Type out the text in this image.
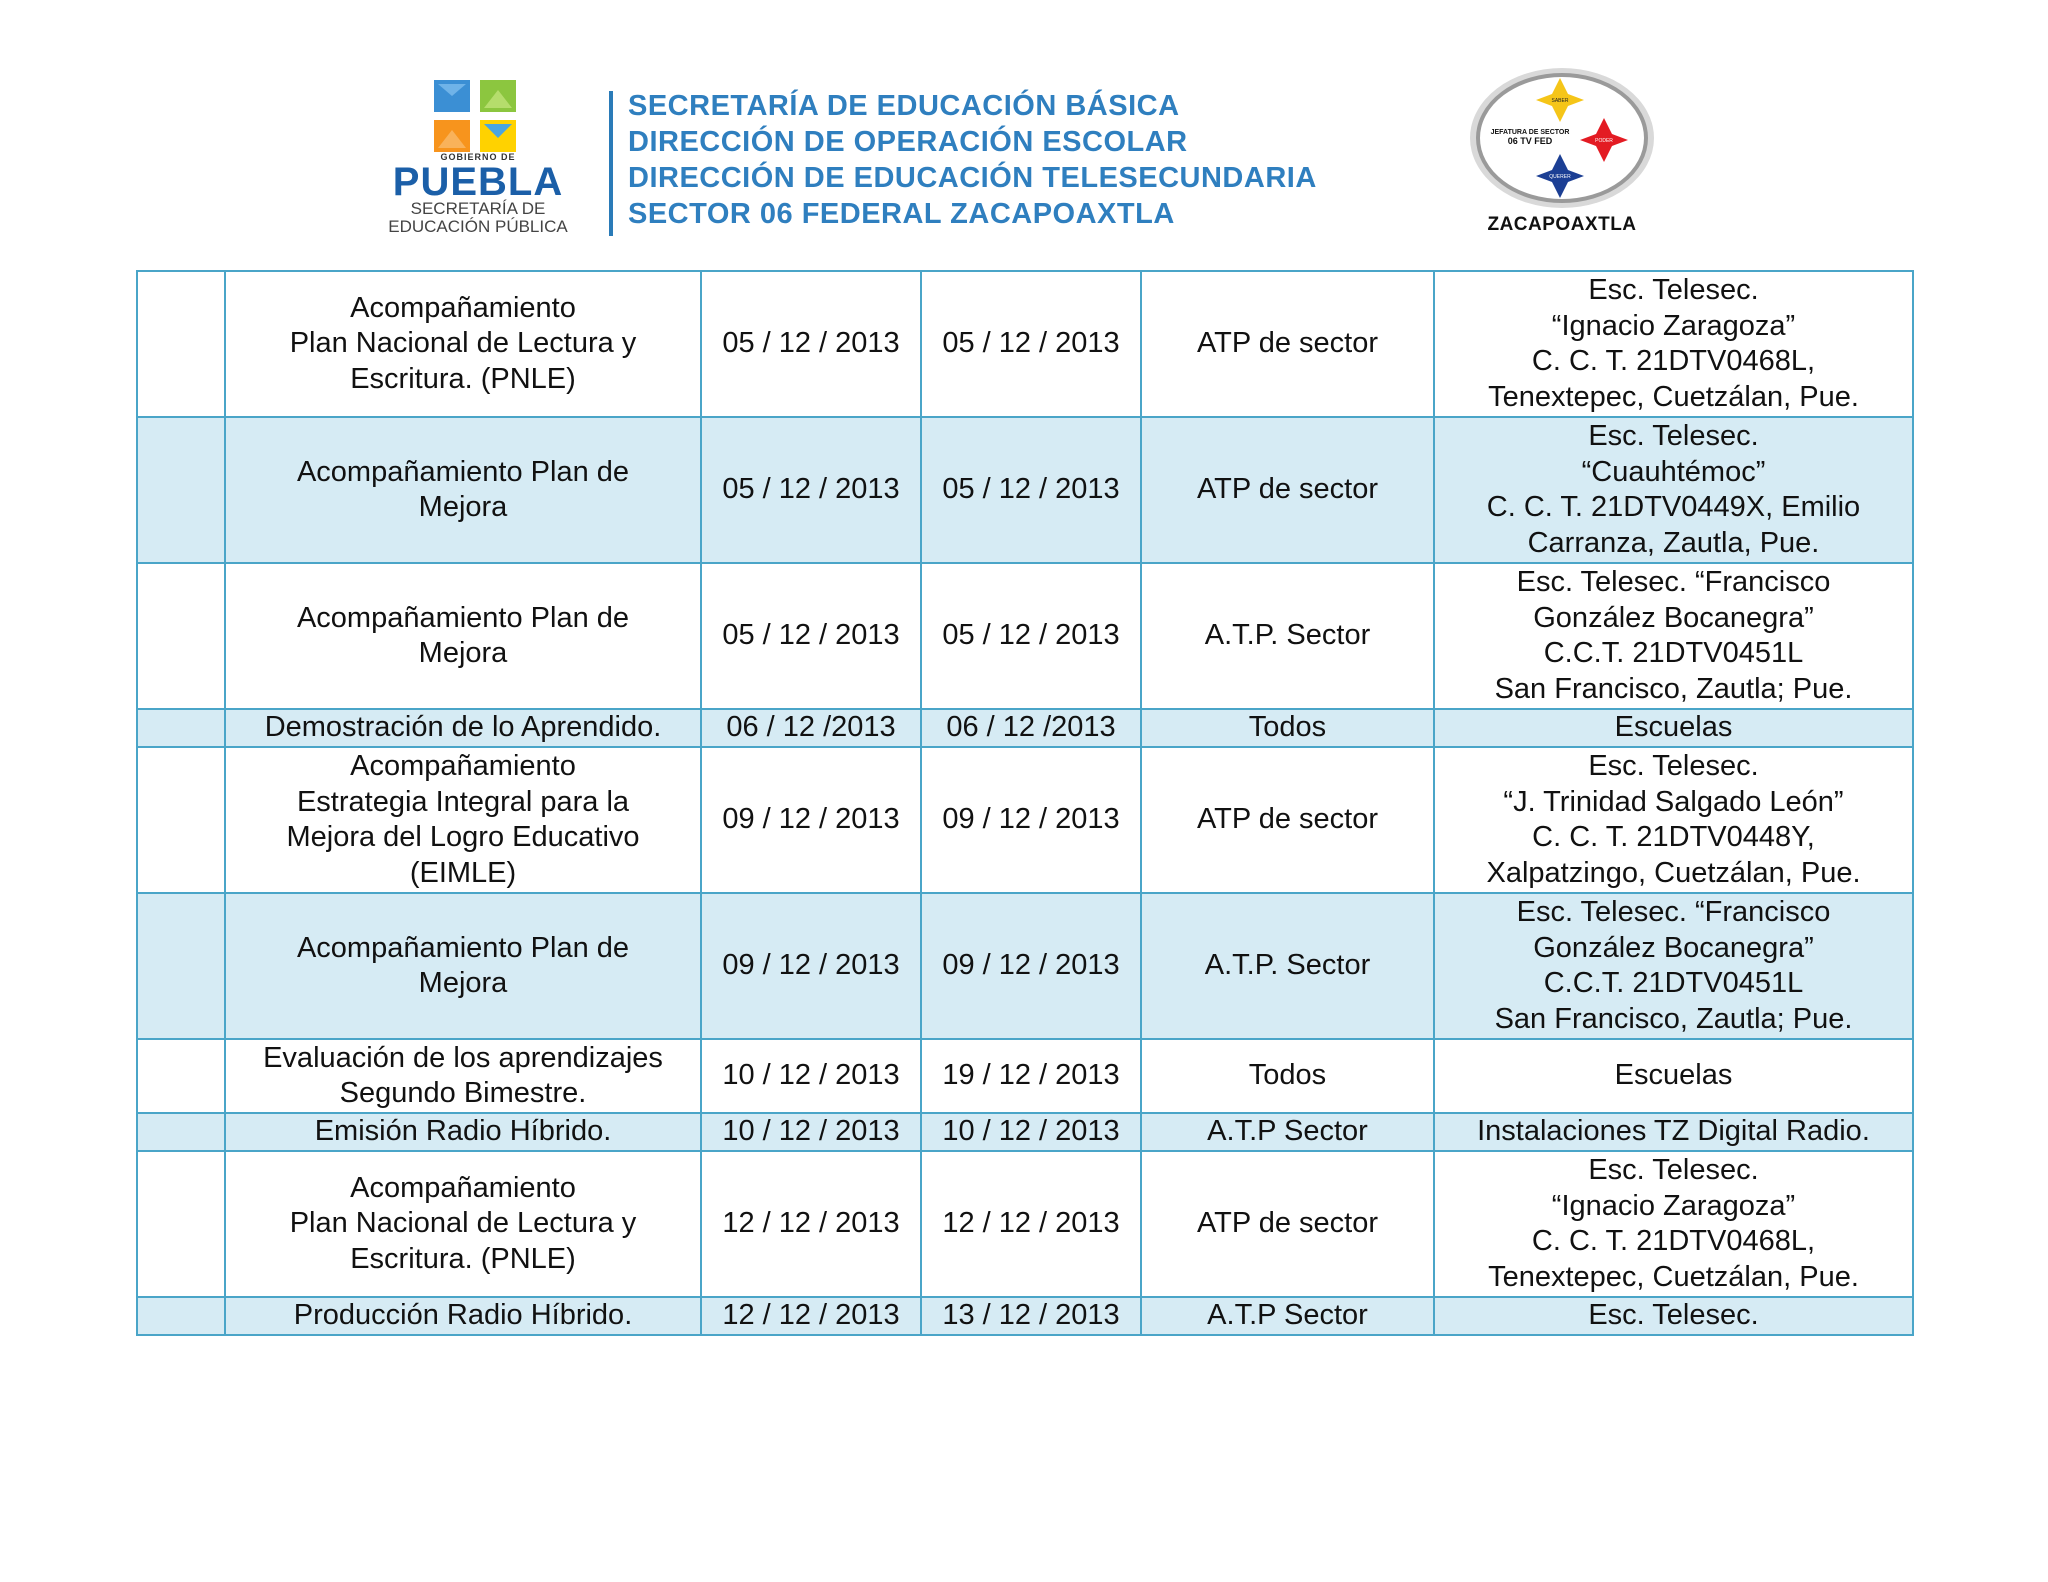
GOBIERNO DE
PUEBLA
SECRETARÍA DE
EDUCACIÓN PÚBLICA
SECRETARÍA DE EDUCACIÓN BÁSICA
DIRECCIÓN DE OPERACIÓN ESCOLAR
DIRECCIÓN DE EDUCACIÓN TELESECUNDARIA
SECTOR 06 FEDERAL ZACAPOAXTLA
SABER
PODER
QUERER
JEFATURA DE SECTOR
06 TV FED
ZACAPOAXTLA
	Acompañamiento
Plan Nacional de Lectura y
Escritura. (PNLE)	05 / 12 / 2013	05 / 12 / 2013	ATP de sector	Esc. Telesec.
“Ignacio Zaragoza”
C. C. T. 21DTV0468L,
Tenextepec, Cuetzálan, Pue.
	Acompañamiento Plan de
Mejora	05 / 12 / 2013	05 / 12 / 2013	ATP de sector	Esc. Telesec.
“Cuauhtémoc”
C. C. T. 21DTV0449X, Emilio
Carranza, Zautla, Pue.
	Acompañamiento Plan de
Mejora	05 / 12 / 2013	05 / 12 / 2013	A.T.P. Sector	Esc. Telesec. “Francisco
González Bocanegra”
C.C.T. 21DTV0451L
San Francisco, Zautla; Pue.
	Demostración de lo Aprendido.	06 / 12 /2013	06 / 12 /2013	Todos	Escuelas
	Acompañamiento
Estrategia Integral para la
Mejora del Logro Educativo
(EIMLE)	09 / 12 / 2013	09 / 12 / 2013	ATP de sector	Esc. Telesec.
“J. Trinidad Salgado León”
C. C. T. 21DTV0448Y,
Xalpatzingo, Cuetzálan, Pue.
	Acompañamiento Plan de
Mejora	09 / 12 / 2013	09 / 12 / 2013	A.T.P. Sector	Esc. Telesec. “Francisco
González Bocanegra”
C.C.T. 21DTV0451L
San Francisco, Zautla; Pue.
	Evaluación de los aprendizajes
Segundo Bimestre.	10 / 12 / 2013	19 / 12 / 2013	Todos	Escuelas
	Emisión Radio Híbrido.	10 / 12 / 2013	10 / 12 / 2013	A.T.P Sector	Instalaciones TZ Digital Radio.
	Acompañamiento
Plan Nacional de Lectura y
Escritura. (PNLE)	12 / 12 / 2013	12 / 12 / 2013	ATP de sector	Esc. Telesec.
“Ignacio Zaragoza”
C. C. T. 21DTV0468L,
Tenextepec, Cuetzálan, Pue.
	Producción Radio Híbrido.	12 / 12 / 2013	13 / 12 / 2013	A.T.P Sector	Esc. Telesec.
